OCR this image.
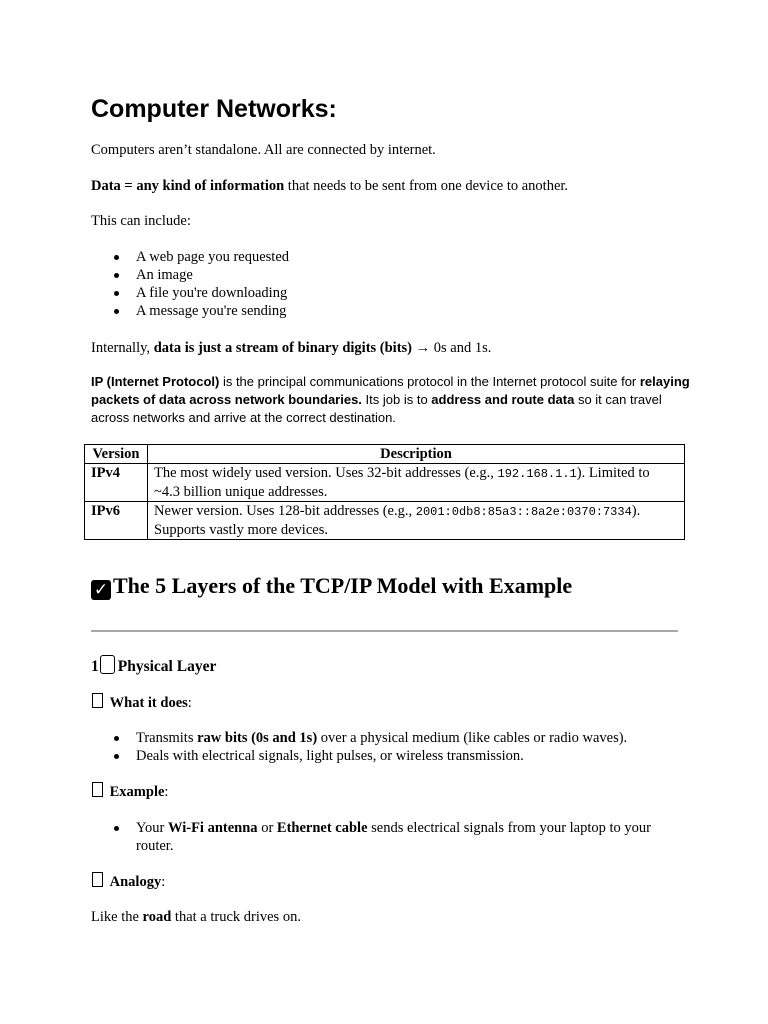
Computer Networks:

Computers aren’t standalone. All are connected by internet.

Data = any kind of information that needs to be sent from one device to another.

This can include:

A web page you requested
An image
A file you're downloading
A message you're sending

Internally, data is just a stream of binary digits (bits) → 0s and 1s.

IP (Internet Protocol) is the principal communications protocol in the Internet protocol suite for relaying packets of data across network boundaries. Its job is to address and route data so it can travel across networks and arrive at the correct destination.

Version	Description
IPv4	The most widely used version. Uses 32-bit addresses (e.g., 192.168.1.1). Limited to ~4.3 billion unique addresses.
IPv6	Newer version. Uses 128-bit addresses (e.g., 2001:0db8:85a3::8a2e:0370:7334). Supports vastly more devices.
✓ The 5 Layers of the TCP/IP Model with Example
1 Physical Layer

What it does:

Transmits raw bits (0s and 1s) over a physical medium (like cables or radio waves).
Deals with electrical signals, light pulses, or wireless transmission.

Example:

Your Wi-Fi antenna or Ethernet cable sends electrical signals from your laptop to your
router.

Analogy:

Like the road that a truck drives on.
